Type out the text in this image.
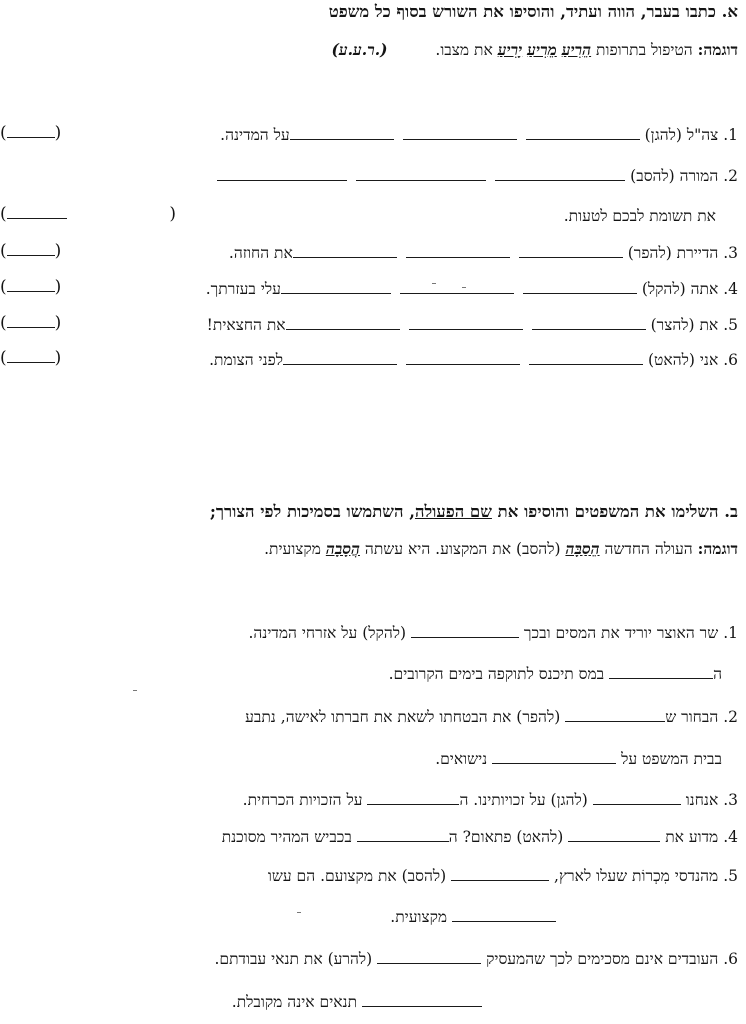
א. כתבו בעבר, הווה ועתיד, והוסיפו את השורש בסוף כל משפט
דוגמה: הטיפול בתרופות הֵרִיעַ מֵרִיעַ יָרִיעַ את מצבו.  (ר.ע.ע.)
1. צה"ל (להגן) על המדינה.
(	)
2. המורה (להסב)
את תשומת לבכם לטעות.
(	)
3. הדיירת (להפר) את החוזה.
(	)
4. אתה (להקל) עלי בעזרתך.
(	)
5. את (להצר) את החצאית!
(	)
6. אני (להאט) לפני הצומת.
(	)
ב. השלימו את המשפטים והוסיפו את שם הפעולה, השתמשו בסמיכות לפי הצורך;
דוגמה: העולה החדשה הֵסַבָּה (להסב) את המקצוע. היא עשתה הֲסָבָה מקצועית.
1. שר האוצר יוריד את המסים ובכך  (להקל) על אזרחי המדינה.
ה במס תיכנס לתוקפה בימים הקרובים.
2. הבחור ש (להפר) את הבטחתו לשאת את חברתו לאישה, נתבע
בבית המשפט על  נישואים.
3. אנחנו  (להגן) על זכויותינו. ה על הזכויות הכרחית.
4. מדוע את  (להאט) פתאום? ה בכביש המהיר מסוכנת
5. מהנדסי מִכְרוֹת שעלו לארץ,  (להסב) את מקצועם. הם עשו
מקצועית.
6. העובדים אינם מסכימים לכך שהמעסיק  (להרע) את תנאי עבודתם.
תנאים אינה מקובלת.
